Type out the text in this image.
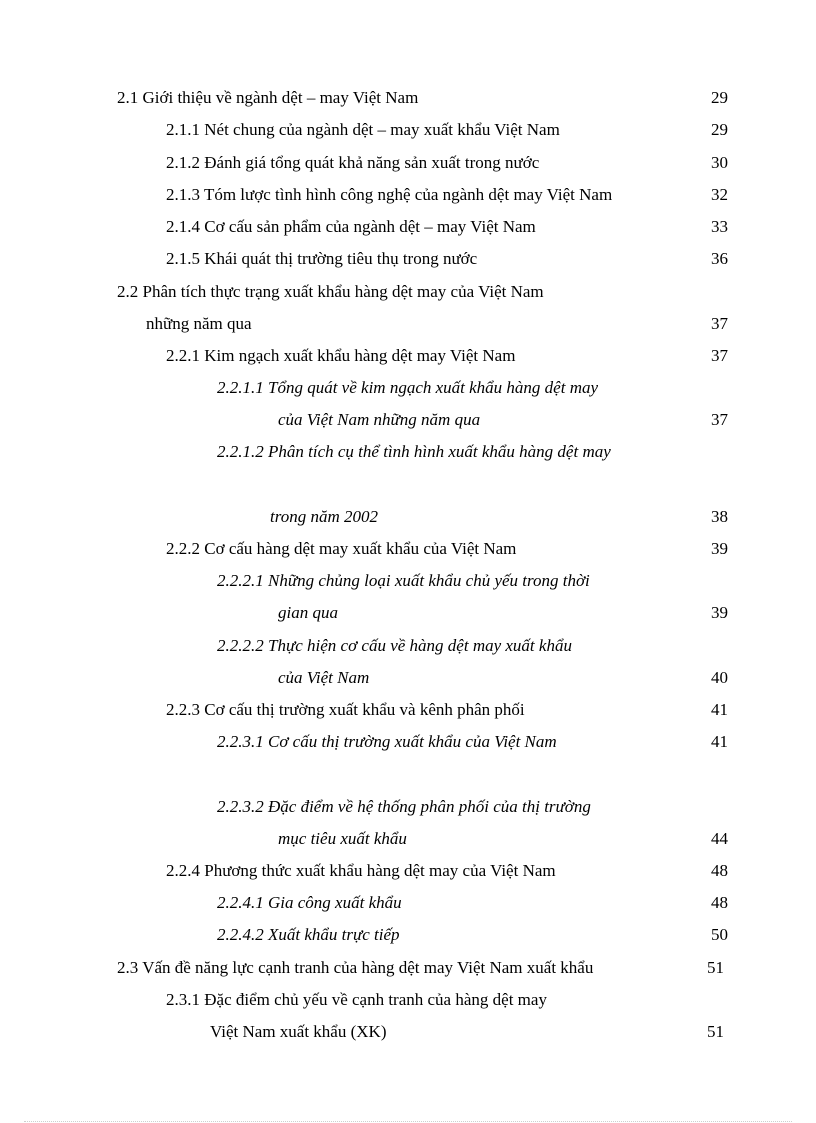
2.1 Giới thiệu về ngành dệt – may Việt Nam	29
2.1.1 Nét chung của ngành dệt – may xuất khẩu Việt Nam	29
2.1.2 Đánh giá tổng quát khả năng sản xuất trong nước	30
2.1.3 Tóm lược tình hình công nghệ của ngành dệt may Việt Nam	32
2.1.4 Cơ cấu sản phẩm của ngành dệt – may Việt Nam	33
2.1.5 Khái quát thị trường tiêu thụ trong nước	36
2.2 Phân tích thực trạng xuất khẩu hàng dệt may của Việt Nam
những năm qua	37
2.2.1 Kim ngạch xuất khẩu hàng dệt may Việt Nam	37
2.2.1.1 Tổng quát về kim ngạch xuất khẩu hàng dệt may
của Việt Nam những năm qua	37
2.2.1.2 Phân tích cụ thể tình hình xuất khẩu hàng dệt may
trong năm 2002	38
2.2.2 Cơ cấu hàng dệt may xuất khẩu của Việt Nam	39
2.2.2.1 Những chủng loại xuất khẩu chủ yếu trong thời
gian qua	39
2.2.2.2 Thực hiện cơ cấu về hàng dệt may xuất khẩu
của Việt Nam	40
2.2.3 Cơ cấu thị trường xuất khẩu và kênh phân phối	41
2.2.3.1 Cơ cấu thị trường xuất khẩu của Việt Nam	41
2.2.3.2 Đặc điểm về hệ thống phân phối của thị trường
mục tiêu xuất khẩu	44
2.2.4 Phương thức xuất khẩu hàng dệt may của Việt Nam	48
2.2.4.1 Gia công xuất khẩu	48
2.2.4.2 Xuất khẩu trực tiếp	50
2.3 Vấn đề năng lực cạnh tranh của hàng dệt may Việt Nam xuất khẩu	51
2.3.1 Đặc điểm chủ yếu về cạnh tranh của hàng dệt may
Việt Nam xuất khẩu (XK)	51
